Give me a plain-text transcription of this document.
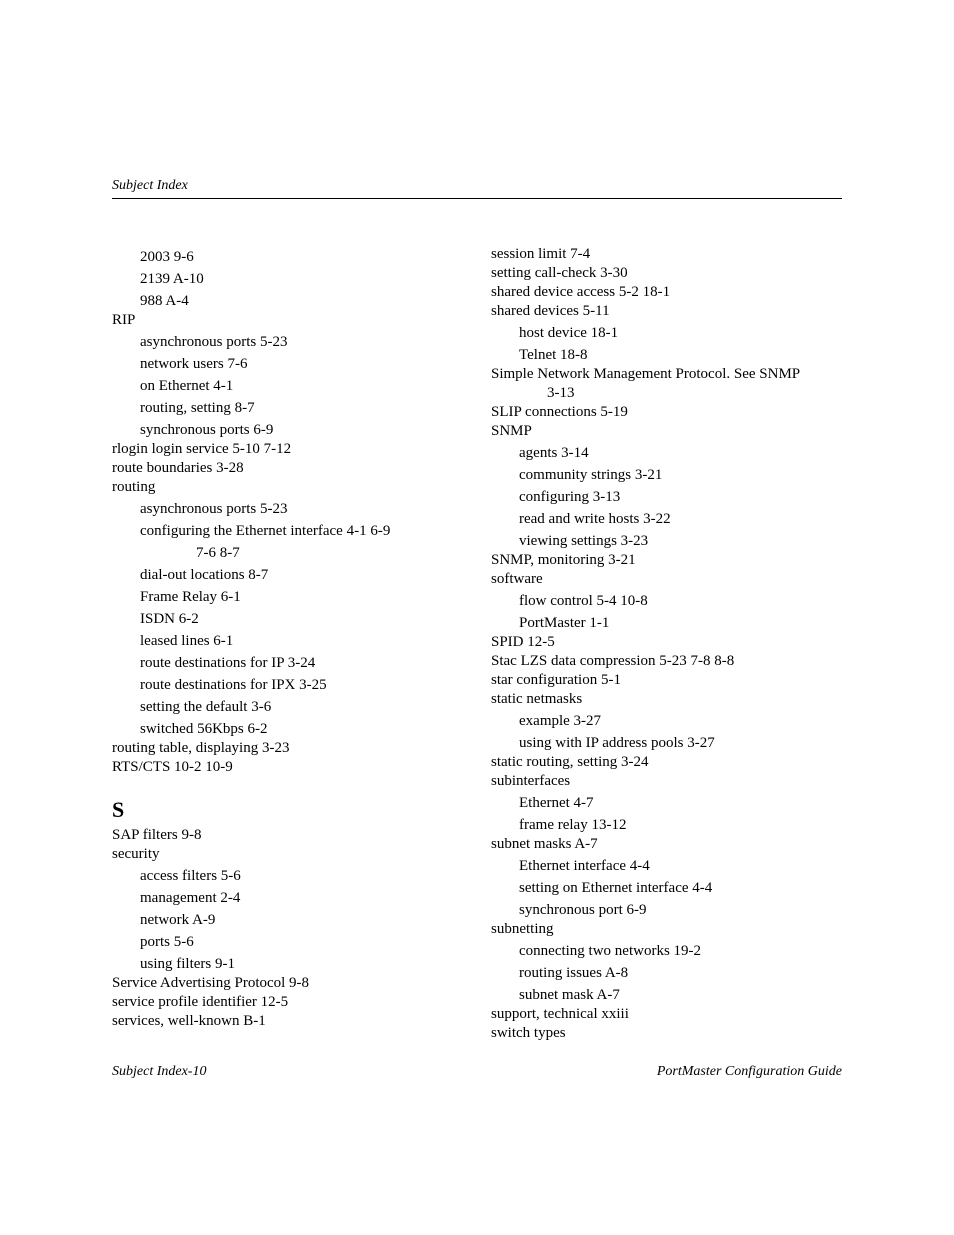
Subject Index
2003 9-6
2139 A-10
988 A-4
RIP
asynchronous ports 5-23
network users 7-6
on Ethernet 4-1
routing, setting 8-7
synchronous ports 6-9
rlogin login service 5-10 7-12
route boundaries 3-28
routing
asynchronous ports 5-23
configuring the Ethernet interface 4-1 6-9
7-6 8-7
dial-out locations 8-7
Frame Relay 6-1
ISDN 6-2
leased lines 6-1
route destinations for IP 3-24
route destinations for IPX 3-25
setting the default 3-6
switched 56Kbps 6-2
routing table, displaying 3-23
RTS/CTS 10-2 10-9
S
SAP filters 9-8
security
access filters 5-6
management 2-4
network A-9
ports 5-6
using filters 9-1
Service Advertising Protocol 9-8
service profile identifier 12-5
services, well-known B-1
session limit 7-4
setting call-check 3-30
shared device access 5-2 18-1
shared devices 5-11
host device 18-1
Telnet 18-8
Simple Network Management Protocol. See SNMP
3-13
SLIP connections 5-19
SNMP
agents 3-14
community strings 3-21
configuring 3-13
read and write hosts 3-22
viewing settings 3-23
SNMP, monitoring 3-21
software
flow control 5-4 10-8
PortMaster 1-1
SPID 12-5
Stac LZS data compression 5-23 7-8 8-8
star configuration 5-1
static netmasks
example 3-27
using with IP address pools 3-27
static routing, setting 3-24
subinterfaces
Ethernet 4-7
frame relay 13-12
subnet masks A-7
Ethernet interface 4-4
setting on Ethernet interface 4-4
synchronous port 6-9
subnetting
connecting two networks 19-2
routing issues A-8
subnet mask A-7
support, technical xxiii
switch types
Subject Index-10	PortMaster Configuration Guide
